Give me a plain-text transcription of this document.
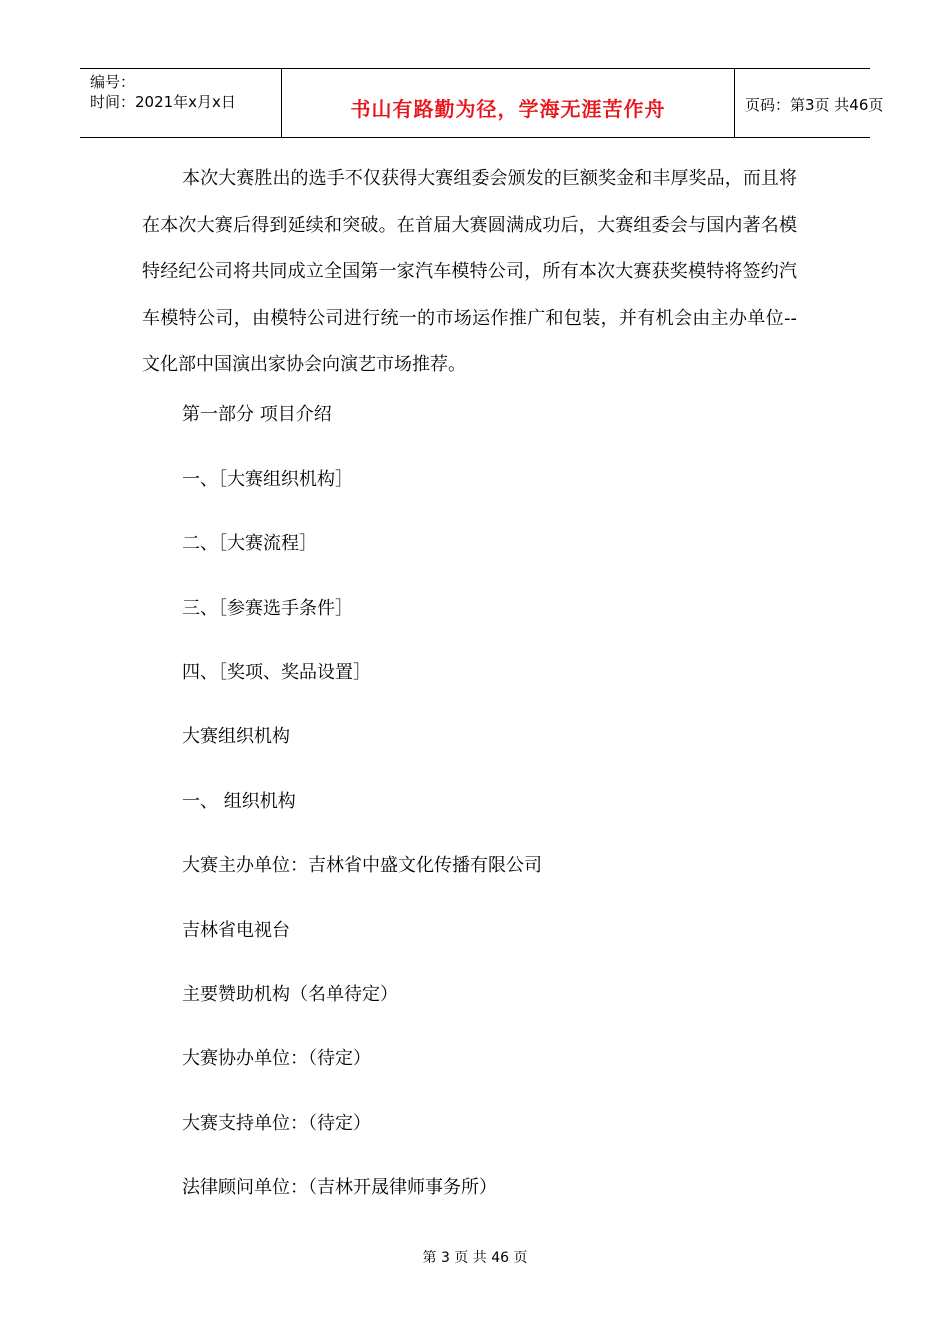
编号：
时间：2021年x月x日	书山有路勤为径，学海无涯苦作舟	页码：第3页 共46页
本次大赛胜出的选手不仅获得大赛组委会颁发的巨额奖金和丰厚奖品，而且将在本次大赛后得到延续和突破。在首届大赛圆满成功后，大赛组委会与国内著名模特经纪公司将共同成立全国第一家汽车模特公司，所有本次大赛获奖模特将签约汽车模特公司，由模特公司进行统一的市场运作推广和包装，并有机会由主办单位--文化部中国演出家协会向演艺市场推荐。
第一部分 项目介绍
一、［大赛组织机构］
二、［大赛流程］
三、［参赛选手条件］
四、［奖项、奖品设置］
大赛组织机构
一、 组织机构
大赛主办单位：吉林省中盛文化传播有限公司
吉林省电视台
主要赞助机构（名单待定）
大赛协办单位：（待定）
大赛支持单位：（待定）
法律顾问单位：（吉林开晟律师事务所）
第 3 页 共 46 页
